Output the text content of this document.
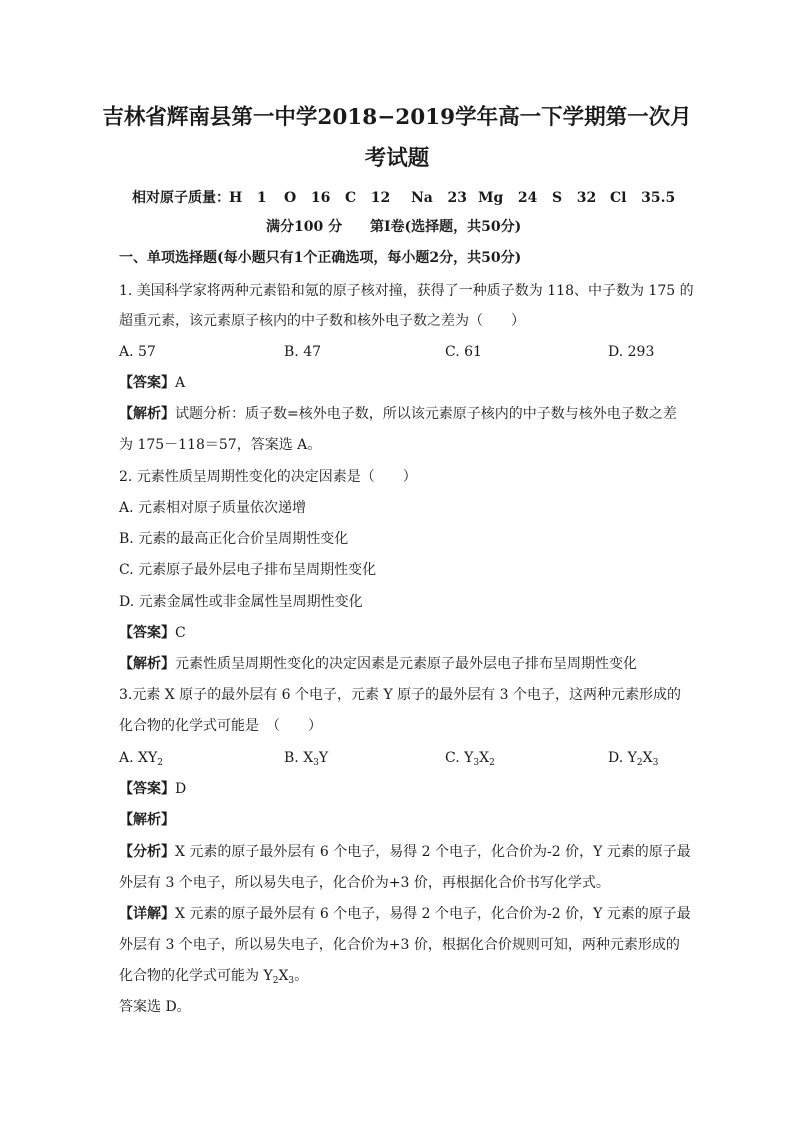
吉林省辉南县第一中学2018−2019学年高一下学期第一次月
考试题
相对原子质量： H 1 O 16 C 12 Na 23 Mg 24 S 32 Cl 35.5
满分100 分 第Ⅰ卷(选择题，共50分)
一、单项选择题(每小题只有1个正确选项，每小题2分，共50分)
1. 美国科学家将两种元素铅和氪的原子核对撞，获得了一种质子数为 118、中子数为 175 的
超重元素，该元素原子核内的中子数和核外电子数之差为（　　）
A. 57	B. 47	C. 61	D. 293
【答案】A
【解析】试题分析：质子数=核外电子数，所以该元素原子核内的中子数与核外电子数之差
为 175－118＝57，答案选 A。
2. 元素性质呈周期性变化的决定因素是（　　）
A. 元素相对原子质量依次递增
B. 元素的最高正化合价呈周期性变化
C. 元素原子最外层电子排布呈周期性变化
D. 元素金属性或非金属性呈周期性变化
【答案】C
【解析】元素性质呈周期性变化的决定因素是元素原子最外层电子排布呈周期性变化
3.元素 X 原子的最外层有 6 个电子，元素 Y 原子的最外层有 3 个电子，这两种元素形成的
化合物的化学式可能是　（　　）
A. $XY_2$	B. $X_3Y$	C. $Y_3X_2$	D. $Y_2X_3$
【答案】D
【解析】
【分析】X 元素的原子最外层有 6 个电子，易得 2 个电子，化合价为-2 价，Y 元素的原子最
外层有 3 个电子，所以易失电子，化合价为+3 价，再根据化合价书写化学式。
【详解】X 元素的原子最外层有 6 个电子，易得 2 个电子，化合价为-2 价，Y 元素的原子最
外层有 3 个电子，所以易失电子，化合价为+3 价，根据化合价规则可知，两种元素形成的
化合物的化学式可能为 $Y_2X_3$。
答案选 D。
